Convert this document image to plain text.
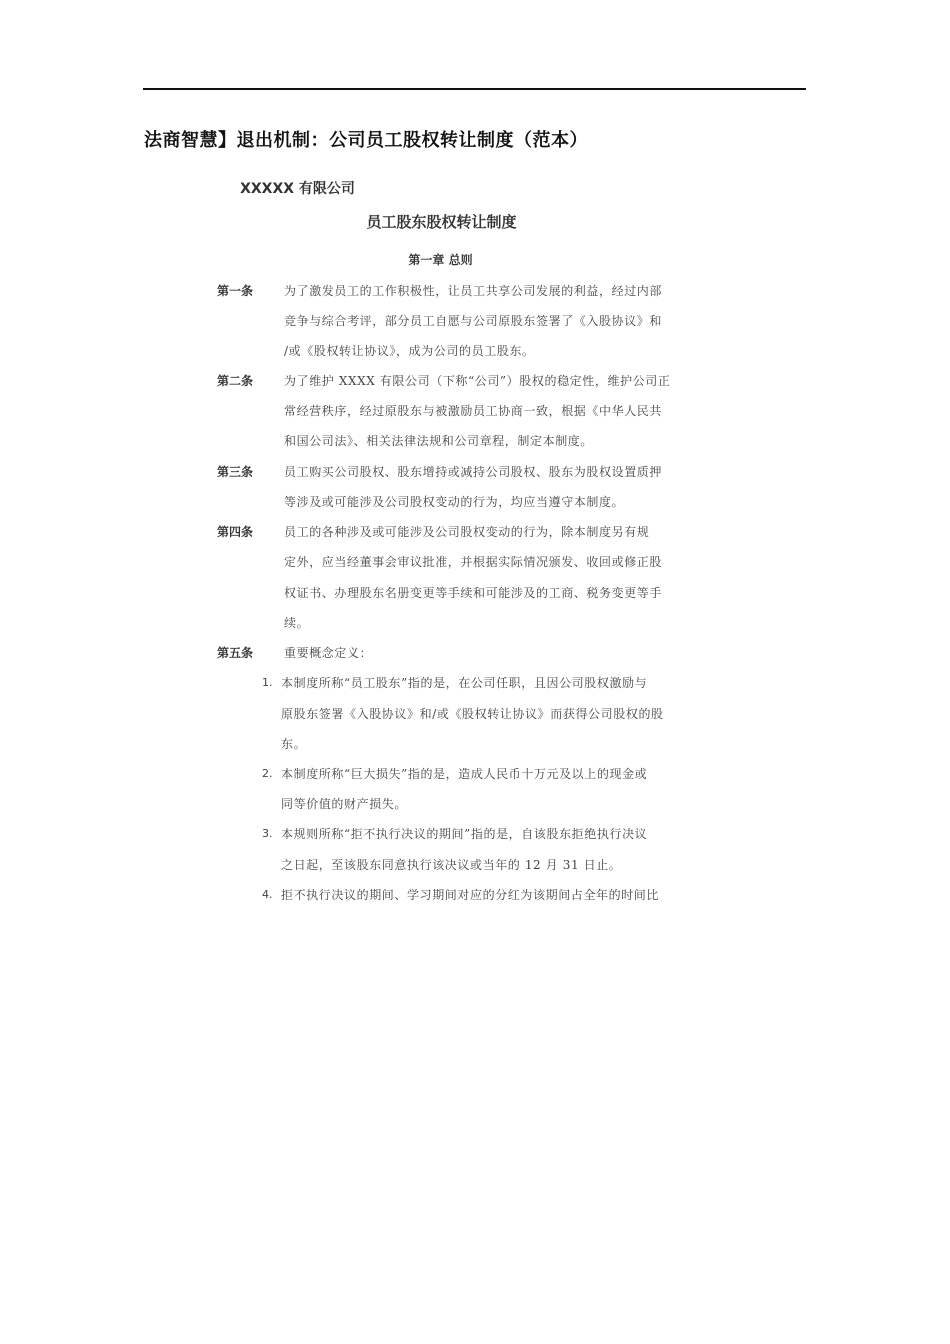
法商智慧】退出机制：公司员工股权转让制度（范本）
XXXXX 有限公司
员工股东股权转让制度
第一章 总则
第一条	为了激发员工的工作积极性，让员工共享公司发展的利益，经过内部
竞争与综合考评，部分员工自愿与公司原股东签署了《入股协议》和
/或《股权转让协议》，成为公司的员工股东。
第二条	为了维护 XXXX 有限公司（下称“公司”）股权的稳定性，维护公司正
常经营秩序，经过原股东与被激励员工协商一致，根据《中华人民共
和国公司法》、相关法律法规和公司章程，制定本制度。
第三条	员工购买公司股权、股东增持或减持公司股权、股东为股权设置质押
等涉及或可能涉及公司股权变动的行为，均应当遵守本制度。
第四条	员工的各种涉及或可能涉及公司股权变动的行为，除本制度另有规
定外，应当经董事会审议批准，并根据实际情况颁发、收回或修正股
权证书、办理股东名册变更等手续和可能涉及的工商、税务变更等手
续。
第五条	重要概念定义：
1. 本制度所称“员工股东”指的是，在公司任职，且因公司股权激励与
原股东签署《入股协议》和/或《股权转让协议》而获得公司股权的股
东。
2. 本制度所称“巨大损失”指的是，造成人民币十万元及以上的现金或
同等价值的财产损失。
3. 本规则所称“拒不执行决议的期间”指的是，自该股东拒绝执行决议
之日起，至该股东同意执行该决议或当年的 12 月 31 日止。
4. 拒不执行决议的期间、学习期间对应的分红为该期间占全年的时间比
